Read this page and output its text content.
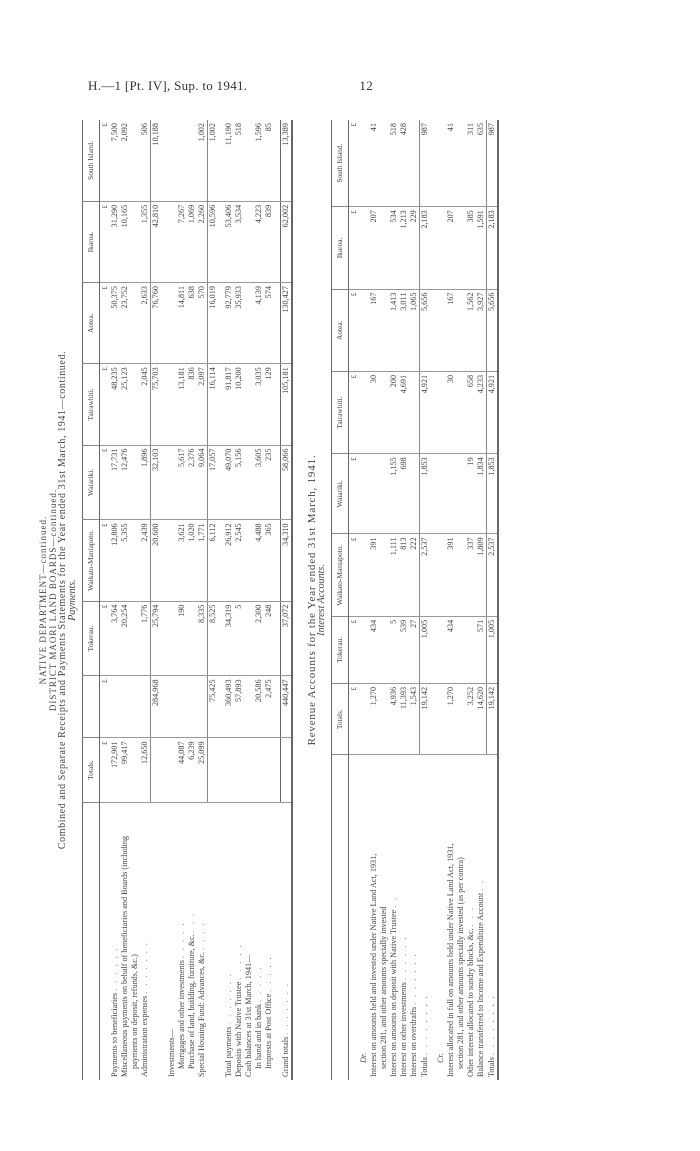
H.—1 [Pt. IV], Sup. to 1941.	12
NATIVE DEPARTMENT—continued. DISTRICT MAORI LAND BOARDS—continued. Combined and Separate Receipts and Payments Statements for the Year ended 31st March, 1941—continued. Payments.
	Totals.		Tokerau.	Waikato-Maniapoto.	Waiariki.	Tairawhiti.	Aotea.	Ikaroa.	South Island.
	£	£	£	£	£	£	£	£	£
Payments to beneficiaries . . . . . .	172,901		3,764	12,806	17,731	48,235	50,375	31,290	7,500
Miscellaneous payments on behalf of beneficiaries and Boards (including	99,417		20,254	5,355	12,476	25,123	23,752	10,165	2,092
payments on deposit, refunds, &c.)									
Administration expenses . . . . . . .	12,650		1,776	2,439	1,896	2,045	2,633	1,355	506
		284,968	25,794	20,600	32,103	75,703	76,760	42,810	10,188

Investments—									
Mortgages and other investments . . . . .	44,087		190	3,621	5,617	13,181	14,811	7,267	
Purchase of land, building, furniture, &c. . . .	6,239			1,020	2,376	836	638	1,069	
Special Housing Fund: Advances, &c. . . . .	25,099		8,335	1,771	9,064	2,097	570	2,260	1,002
		75,425	8,525	6,112	17,057	16,114	16,019	10,596	1,002

Total payments . . . . . . .		360,493	34,319	26,912	49,070	91,817	92,779	53,406	11,190
Deposits with Native Trustee . . . . .		57,893	5	2,545	5,156	10,200	35,933	3,534	518
Cash balances at 31st March, 1941—									
In hand and in bank . . . . .		20,586	2,300	4,488	3,605	3,035	4,139	4,223	1,596
Imprests at Post Office . . . . .		2,475	248	365	235	129	574	839	85

Grand totals . . . . . . .		440,447	37,072	34,310	58,066	105,181	130,427	62,002	13,389
Revenue Accounts for the Year ended 31st March, 1941.
Interest Accounts.
	Totals.	Tokerau.	Waikato-Maniapoto.	Waiariki.	Tairawhiti.	Aotea.	Ikaroa.	South Island.
	£	£	£	£	£	£	£	£
Dr.								
Interest on amounts held and invested under Native Land Act, 1931,	1,270	434	391		30	167	207	41
section 281, and other amounts specially invested								
Interest on amounts on deposit with Native Trustee . .	4,936	5	1,111	1,155	200	1,413	534	518
Interest on other investments . . . . . .	11,393	539	813	698	4,691	3,011	1,213	428
Interest on overdrafts . . . . . . .	1,543	27	222			1,065	229	
Totals . . . . . . . .	19,142	1,005	2,537	1,853	4,921	5,656	2,183	987

Cr.								
Interest allocated in full on amounts held under Native Land Act, 1931,	1,270	434	391		30	167	207	41
section 281, and other amounts specially invested (as per contra)								
Other interest allocated to sundry blocks, &c. . . .	3,252		337	19	658	1,562	385	311
Balance transferred to Income and Expenditure Account . .	14,620	571	1,809	1,834	4,233	3,927	1,591	635
Totals . . . . . . . .	19,142	1,005	2,537	1,853	4,921	5,656	2,183	987
